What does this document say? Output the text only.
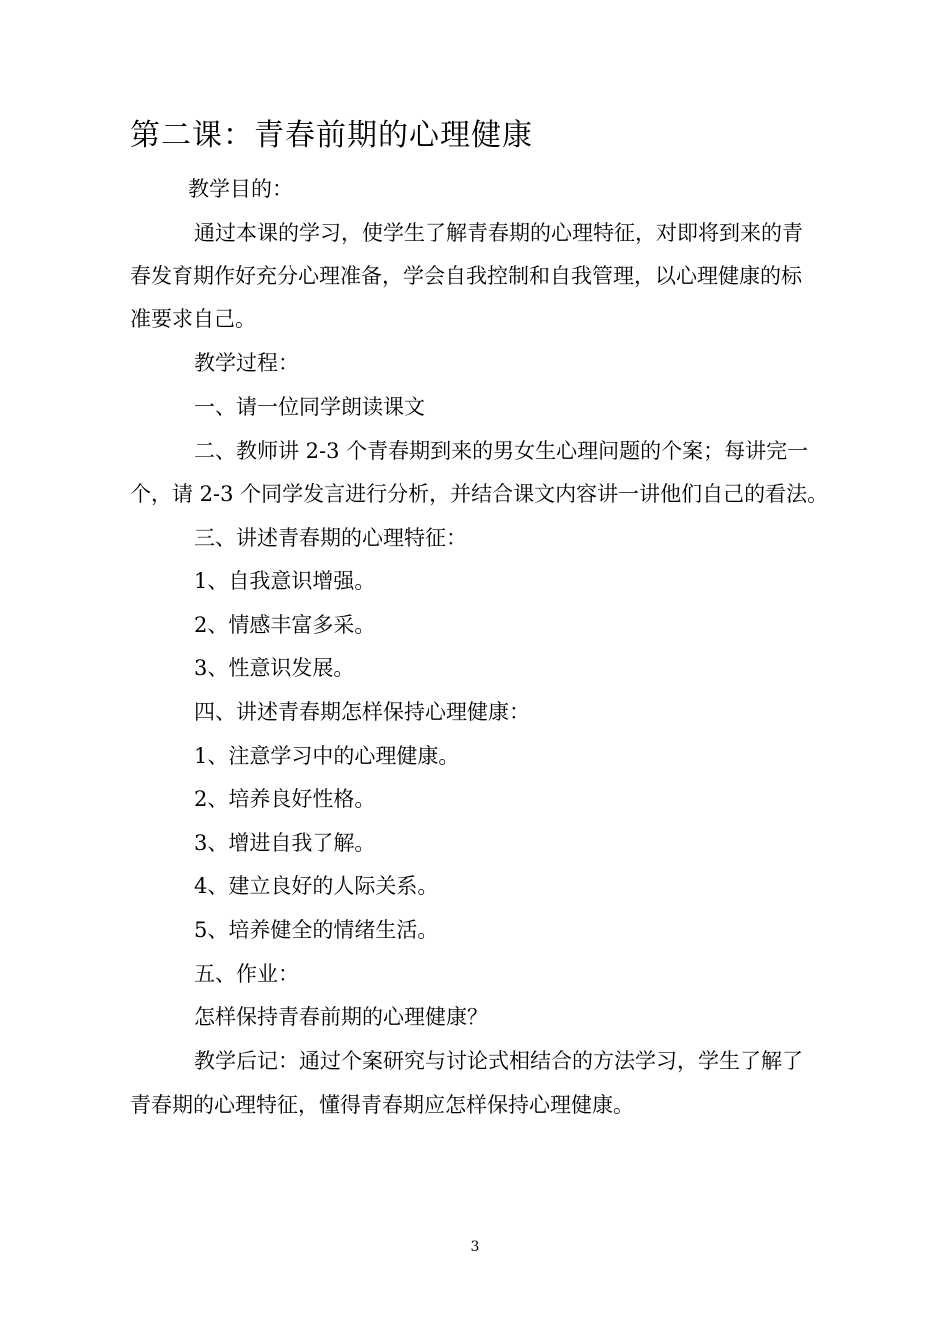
第二课：青春前期的心理健康
教学目的：
通过本课的学习，使学生了解青春期的心理特征，对即将到来的青
春发育期作好充分心理准备，学会自我控制和自我管理，以心理健康的标
准要求自己。
教学过程：
一、请一位同学朗读课文
二、教师讲 2-3 个青春期到来的男女生心理问题的个案；每讲完一
个，请 2-3 个同学发言进行分析，并结合课文内容讲一讲他们自己的看法。
三、讲述青春期的心理特征：
1、自我意识增强。
2、情感丰富多采。
3、性意识发展。
四、讲述青春期怎样保持心理健康：
1、注意学习中的心理健康。
2、培养良好性格。
3、增进自我了解。
4、建立良好的人际关系。
5、培养健全的情绪生活。
五、作业：
怎样保持青春前期的心理健康？
教学后记：通过个案研究与讨论式相结合的方法学习，学生了解了
青春期的心理特征，懂得青春期应怎样保持心理健康。
3
